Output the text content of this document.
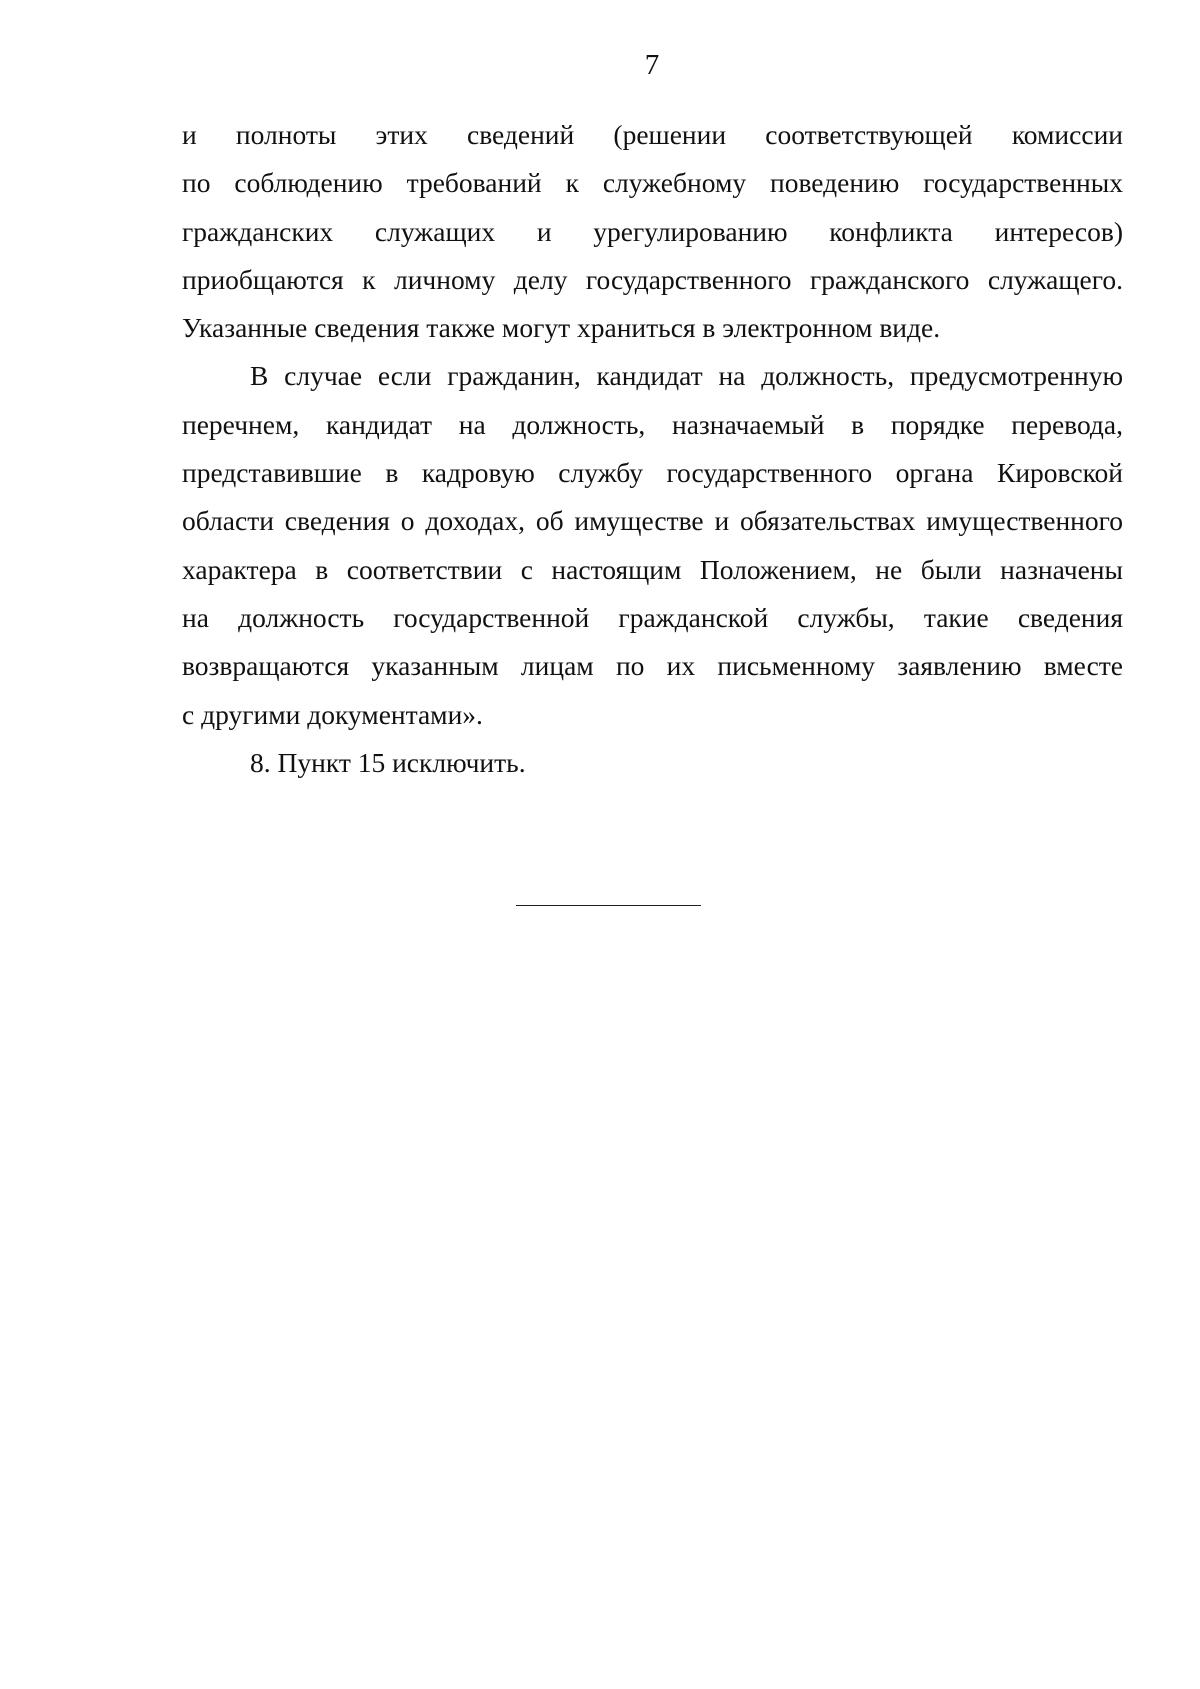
7

и полноты этих сведений (решении соответствующей комиссии
по соблюдению требований к служебному поведению государственных
гражданских служащих и урегулированию конфликта интересов)
приобщаются к личному делу государственного гражданского служащего.
Указанные сведения также могут храниться в электронном виде.

В случае если гражданин, кандидат на должность, предусмотренную
перечнем, кандидат на должность, назначаемый в порядке перевода,
представившие в кадровую службу государственного органа Кировской
области сведения о доходах, об имуществе и обязательствах имущественного
характера в соответствии с настоящим Положением, не были назначены
на должность государственной гражданской службы, такие сведения
возвращаются указанным лицам по их письменному заявлению вместе
с другими документами».

8. Пункт 15 исключить.
